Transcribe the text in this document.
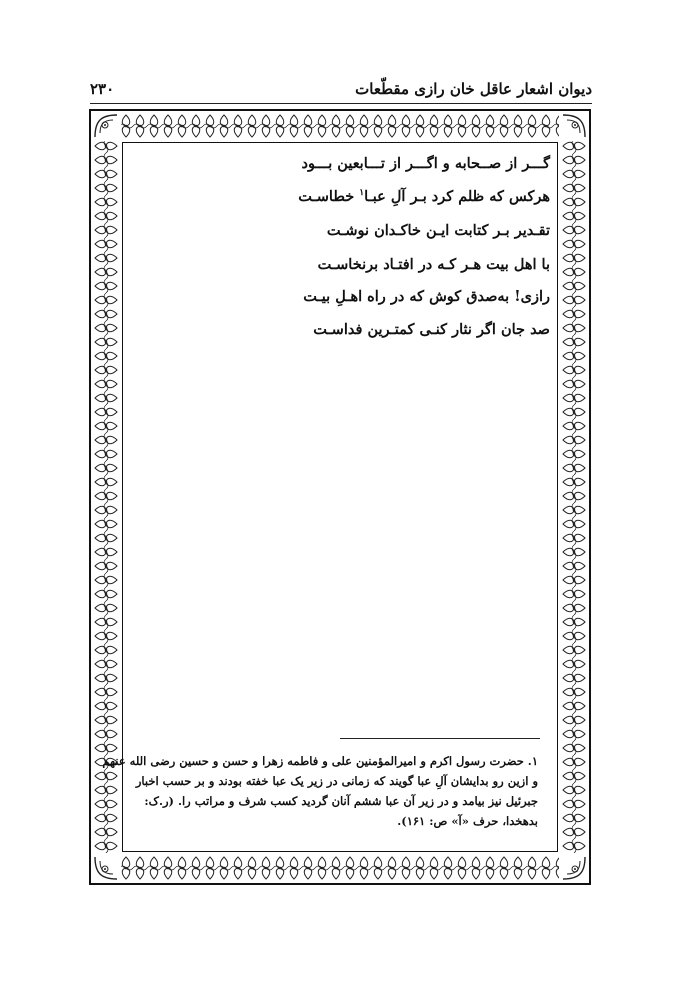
دیوان اشعار عاقل خان رازی مقطّعات
۲۳۰
گـــر از صــحابه و اگـــر از تـــابعین بـــود
هرکس که ظلم کرد بـر آلِ عبـا$^۱$ خطاسـت
تقـدیر بـر کتابت ایـن خاکـدان نوشـت
با اهل بیت هـر کـه در افتـاد برنخاسـت
رازی! به‌صدق کوش که در راه اهـلِ بیـت
صد جان اگر نثار کنـی کمتـرین فداسـت

۱. حضرت رسول اکرم و امیرالمؤمنین علی و فاطمه زهرا و حسن و حسین رضی الله عنهم

و ازین رو بدایشان آلِ عبا گویند که زمانی در زیر یک عبا خفته بودند و بر حسب اخبار

جبرئیل نیز بیامد و در زیر آن عبا ششم آنان گردید کسب شرف و مراتب را. (ر.ک:

بدهخدا، حرف «آ» ص: ۱۶۱).
